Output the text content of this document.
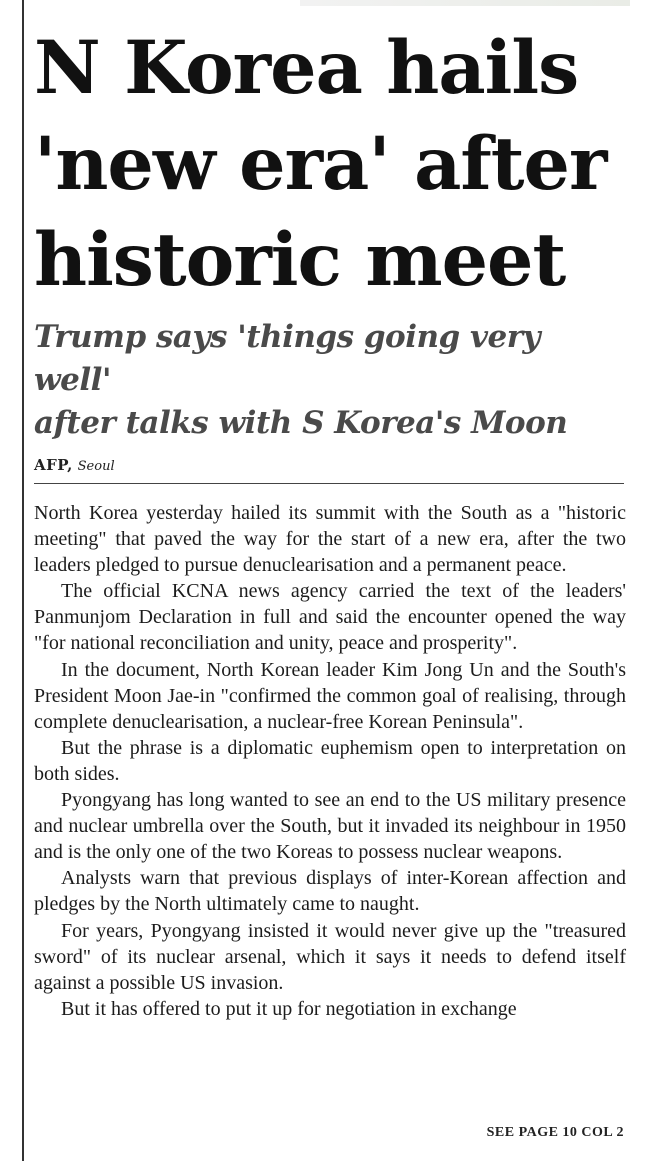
N Korea hails
'new era' after
historic meet
Trump says 'things going very well'
after talks with S Korea's Moon
AFP, Seoul

North Korea yesterday hailed its summit with the South as a "historic meeting" that paved the way for the start of a new era, after the two leaders pledged to pursue denuclearisation and a permanent peace.

The official KCNA news agency carried the text of the leaders' Panmunjom Declaration in full and said the encounter opened the way "for national reconciliation and unity, peace and prosperity".

In the document, North Korean leader Kim Jong Un and the South's President Moon Jae-in "confirmed the common goal of realising, through complete denuclearisation, a nuclear-free Korean Peninsula".

But the phrase is a diplomatic euphemism open to interpretation on both sides.

Pyongyang has long wanted to see an end to the US military presence and nuclear umbrella over the South, but it invaded its neighbour in 1950 and is the only one of the two Koreas to possess nuclear weapons.

Analysts warn that previous displays of inter-Korean affection and pledges by the North ultimately came to naught.

For years, Pyongyang insisted it would never give up the "treasured sword" of its nuclear arsenal, which it says it needs to defend itself against a possible US invasion.

But it has offered to put it up for negotiation in exchange

SEE PAGE 10 COL 2
